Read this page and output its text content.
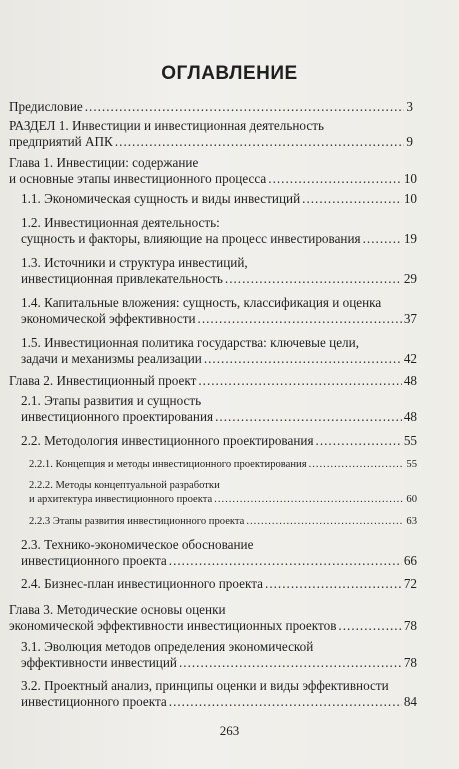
ОГЛАВЛЕНИЕ
Предисловие .....	3
РАЗДЕЛ 1. Инвестиции и инвестиционная деятельность
предприятий АПК .....	9
Глава 1. Инвестиции: содержание
и основные этапы инвестиционного процесса .....	10
1.1. Экономическая сущность и виды инвестиций .....	10
1.2. Инвестиционная деятельность:
сущность и факторы, влияющие на процесс инвестирования .....	19
1.3. Источники и структура инвестиций,
инвестиционная привлекательность .....	29
1.4. Капитальные вложения: сущность, классификация и оценка
экономической эффективности .....	37
1.5. Инвестиционная политика государства: ключевые цели,
задачи и механизмы реализации .....	42
Глава 2. Инвестиционный проект .....	48
2.1. Этапы развития и сущность
инвестиционного проектирования .....	48
2.2. Методология инвестиционного проектирования .....	55
2.2.1. Концепция и методы инвестиционного проектирования .....	55
2.2.2. Методы концептуальной разработки
и архитектура инвестиционного проекта .....	60
2.2.3 Этапы развития инвестиционного проекта .....	63
2.3. Технико-экономическое обоснование
инвестиционного проекта .....	66
2.4. Бизнес-план инвестиционного проекта .....	72
Глава 3. Методические основы оценки
экономической эффективности инвестиционных проектов .....	78
3.1. Эволюция методов определения экономической
эффективности инвестиций .....	78
3.2. Проектный анализ, принципы оценки и виды эффективности
инвестиционного проекта .....	84
263
